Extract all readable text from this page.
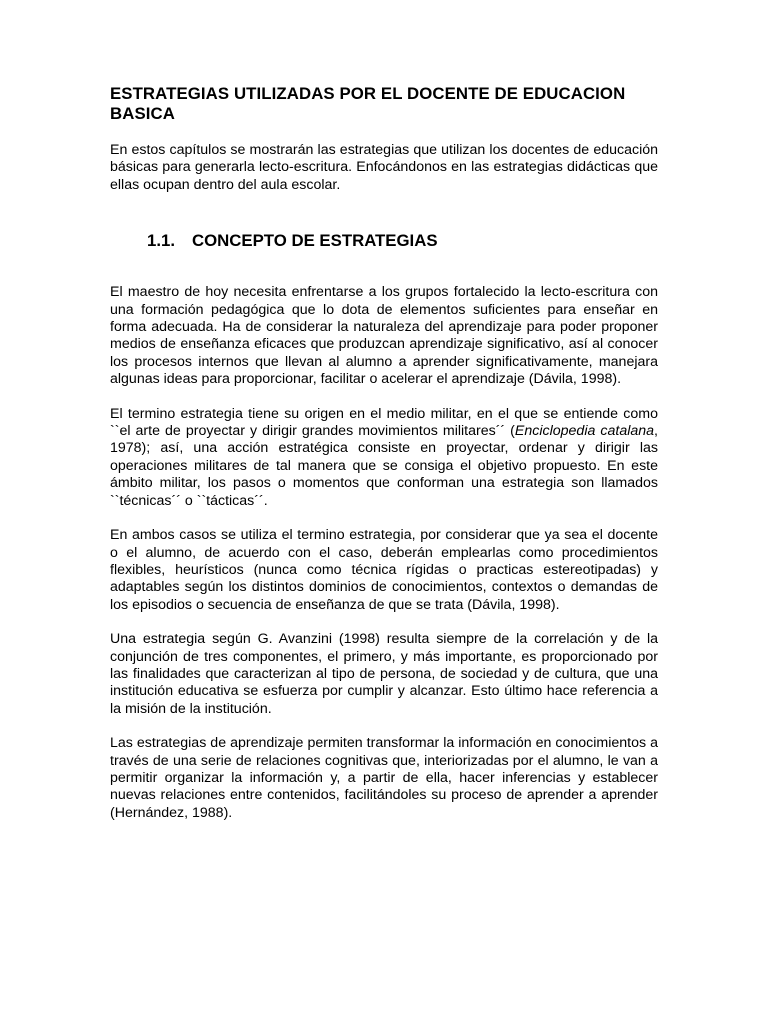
ESTRATEGIAS UTILIZADAS POR EL DOCENTE DE EDUCACION BASICA

En estos capítulos se mostrarán las estrategias que utilizan los docentes de educación básicas para generarla lecto-escritura. Enfocándonos en las estrategias didácticas que ellas ocupan dentro del aula escolar.

1.1. CONCEPTO DE ESTRATEGIAS

El maestro de hoy necesita enfrentarse a los grupos fortalecido la lecto-escritura con una formación pedagógica que lo dota de elementos suficientes para enseñar en forma adecuada. Ha de considerar la naturaleza del aprendizaje para poder proponer medios de enseñanza eficaces que produzcan aprendizaje significativo, así al conocer los procesos internos que llevan al alumno a aprender significativamente, manejara algunas ideas para proporcionar, facilitar o acelerar el aprendizaje (Dávila, 1998).

El termino estrategia tiene su origen en el medio militar, en el que se entiende como ``el arte de proyectar y dirigir grandes movimientos militares´´ (Enciclopedia catalana, 1978); así, una acción estratégica consiste en proyectar, ordenar y dirigir las operaciones militares de tal manera que se consiga el objetivo propuesto. En este ámbito militar, los pasos o momentos que conforman una estrategia son llamados ``técnicas´´ o ``tácticas´´.

En ambos casos se utiliza el termino estrategia, por considerar que ya sea el docente o el alumno, de acuerdo con el caso, deberán emplearlas como procedimientos flexibles, heurísticos (nunca como técnica rígidas o practicas estereotipadas) y adaptables según los distintos dominios de conocimientos, contextos o demandas de los episodios o secuencia de enseñanza de que se trata (Dávila, 1998).

Una estrategia según G. Avanzini (1998) resulta siempre de la correlación y de la conjunción de tres componentes, el primero, y más importante, es proporcionado por las finalidades que caracterizan al tipo de persona, de sociedad y de cultura, que una institución educativa se esfuerza por cumplir y alcanzar. Esto último hace referencia a la misión de la institución.

Las estrategias de aprendizaje permiten transformar la información en conocimientos a través de una serie de relaciones cognitivas que, interiorizadas por el alumno, le van a permitir organizar la información y, a partir de ella, hacer inferencias y establecer nuevas relaciones entre contenidos, facilitándoles su proceso de aprender a aprender (Hernández, 1988).
